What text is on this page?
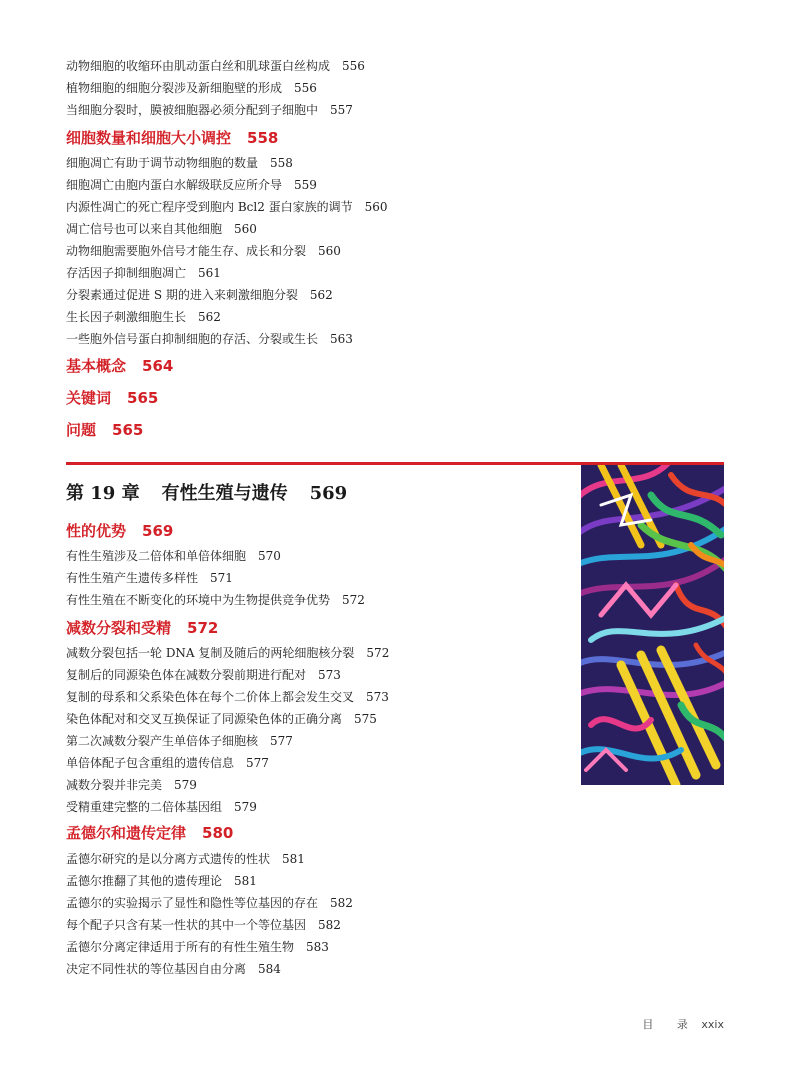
动物细胞的收缩环由肌动蛋白丝和肌球蛋白丝构成 556
植物细胞的细胞分裂涉及新细胞壁的形成 556
当细胞分裂时，膜被细胞器必须分配到子细胞中 557
细胞数量和细胞大小调控 558
细胞凋亡有助于调节动物细胞的数量 558
细胞凋亡由胞内蛋白水解级联反应所介导 559
内源性凋亡的死亡程序受到胞内 Bcl2 蛋白家族的调节 560
凋亡信号也可以来自其他细胞 560
动物细胞需要胞外信号才能生存、成长和分裂 560
存活因子抑制细胞凋亡 561
分裂素通过促进 S 期的进入来刺激细胞分裂 562
生长因子刺激细胞生长 562
一些胞外信号蛋白抑制细胞的存活、分裂或生长 563
基本概念 564
关键词 565
问题 565
第 19 章 有性生殖与遗传 569
性的优势 569
有性生殖涉及二倍体和单倍体细胞 570
有性生殖产生遗传多样性 571
有性生殖在不断变化的环境中为生物提供竞争优势 572
减数分裂和受精 572
减数分裂包括一轮 DNA 复制及随后的两轮细胞核分裂 572
复制后的同源染色体在减数分裂前期进行配对 573
复制的母系和父系染色体在每个二价体上都会发生交叉 573
染色体配对和交叉互换保证了同源染色体的正确分离 575
第二次减数分裂产生单倍体子细胞核 577
单倍体配子包含重组的遗传信息 577
减数分裂并非完美 579
受精重建完整的二倍体基因组 579
孟德尔和遗传定律 580
孟德尔研究的是以分离方式遗传的性状 581
孟德尔推翻了其他的遗传理论 581
孟德尔的实验揭示了显性和隐性等位基因的存在 582
每个配子只含有某一性状的其中一个等位基因 582
孟德尔分离定律适用于所有的有性生殖生物 583
决定不同性状的等位基因自由分离 584
目 录 xxix
